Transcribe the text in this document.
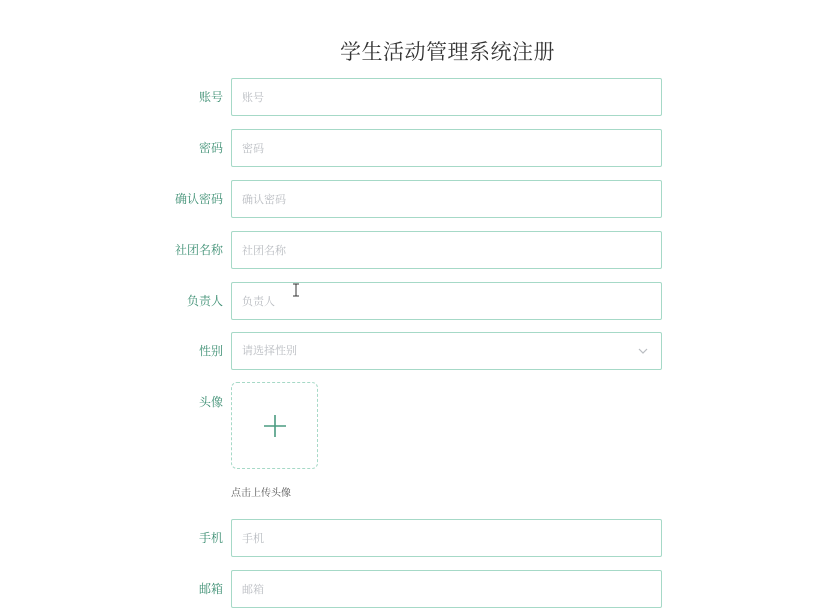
学生活动管理系统注册
账号
账号
密码
确认密码
社团名称
社团名称
负责人
负责人
性别 请选择性别
头像
点击上传头像
手机
手机
邮箱
邮箱
